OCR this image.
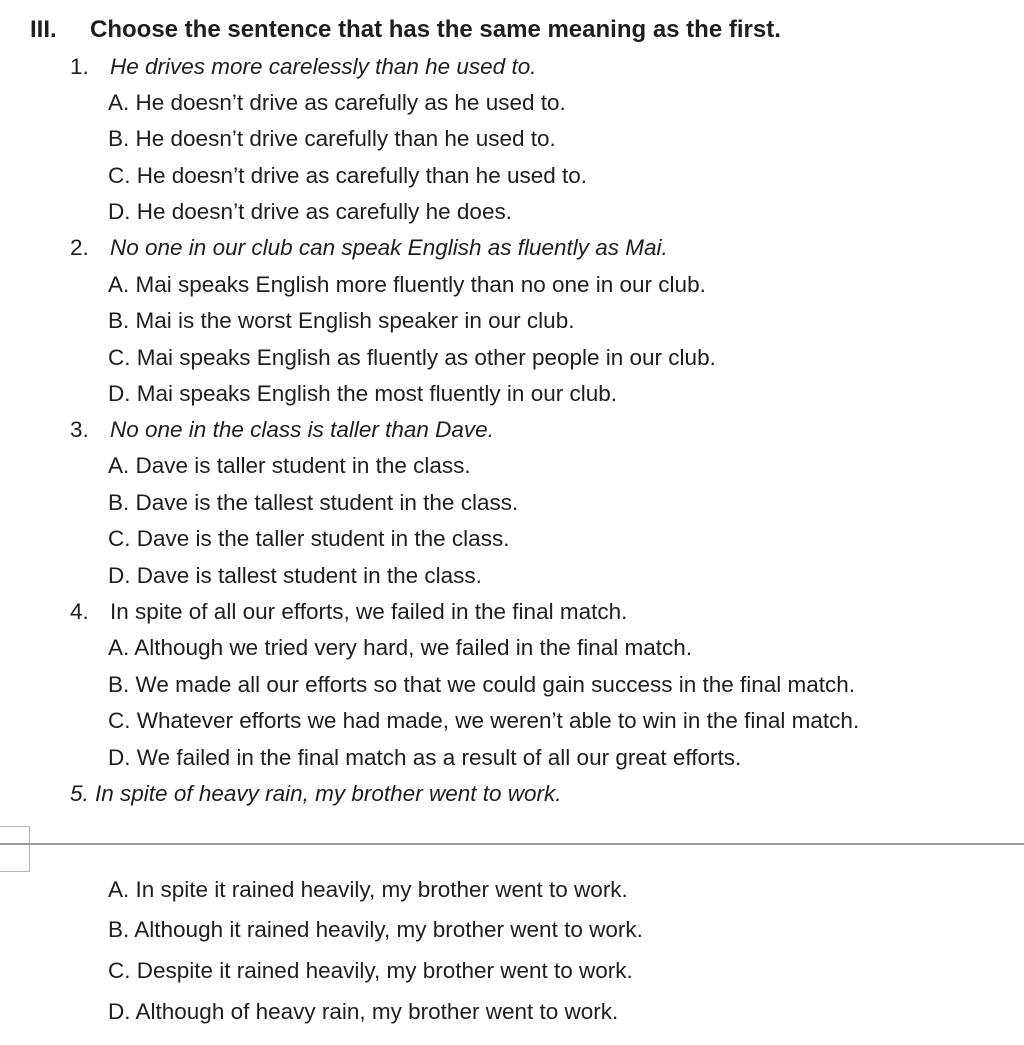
III. Choose the sentence that has the same meaning as the first.
1. He drives more carelessly than he used to.
A. He doesn’t drive as carefully as he used to.
B. He doesn’t drive carefully than he used to.
C. He doesn’t drive as carefully than he used to.
D. He doesn’t drive as carefully he does.
2. No one in our club can speak English as fluently as Mai.
A. Mai speaks English more fluently than no one in our club.
B. Mai is the worst English speaker in our club.
C. Mai speaks English as fluently as other people in our club.
D. Mai speaks English the most fluently in our club.
3. No one in the class is taller than Dave.
A. Dave is taller student in the class.
B. Dave is the tallest student in the class.
C. Dave is the taller student in the class.
D. Dave is tallest student in the class.
4. In spite of all our efforts, we failed in the final match.
A. Although we tried very hard, we failed in the final match.
B. We made all our efforts so that we could gain success in the final match.
C. Whatever efforts we had made, we weren’t able to win in the final match.
D. We failed in the final match as a result of all our great efforts.
5. In spite of heavy rain, my brother went to work.
A. In spite it rained heavily, my brother went to work.
B. Although it rained heavily, my brother went to work.
C. Despite it rained heavily, my brother went to work.
D. Although of heavy rain, my brother went to work.
